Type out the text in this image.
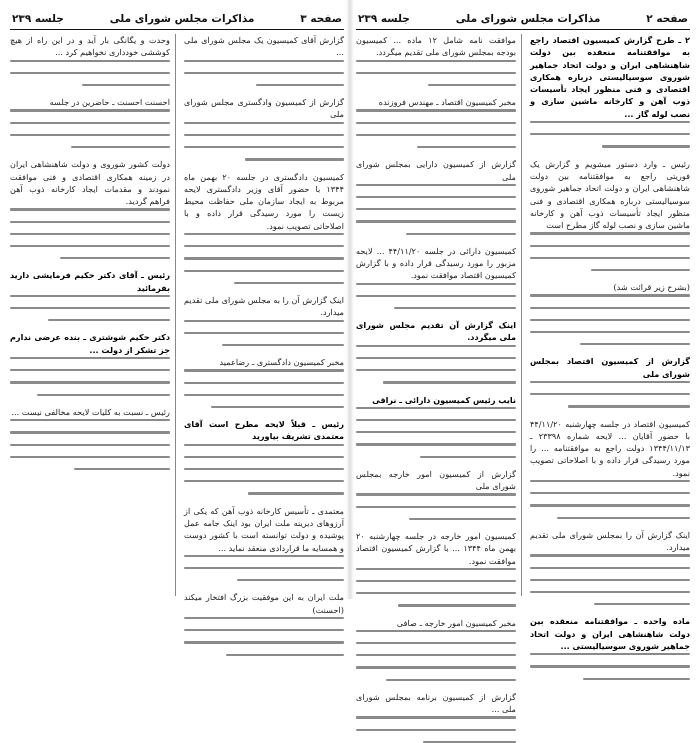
صفحه ۳
مذاکرات مجلس شورای ملی
جلسه ۲۳۹

گزارش آقای کمیسیون یک مجلس شورای ملی ...

گزارش از کمیسیون وادگستری مجلس شورای ملی

کمیسیون دادگستری در جلسه ۲۰ بهمن ماه ۱۳۴۴ با حضور آقای وزیر دادگستری لایحه مربوط به ایجاد سازمان ملی حفاظت محیط زیست را مورد رسیدگی قرار داده و با اصلاحاتی تصویب نمود.

اینک گزارش آن را به مجلس شورای ملی تقدیم میدارد.

مخبر کمیسیون دادگستری ـ رضاعمید

رئیس ـ قبلاً لایحه مطرح است آقای معتمدی تشریف بیاورید

معتمدی ـ تأسیس کارخانه ذوب آهن که یکی از آرزوهای دیرینه ملت ایران بود اینک جامه عمل پوشیده و دولت توانسته است با کشور دوست و همسایه ما قراردادی منعقد نماید ...

ملت ایران به این موفقیت بزرگ افتخار میکند (احسنت)

وحدت و یگانگی بار آید و در این راه از هیچ کوششی خودداری نخواهیم کرد ...

احسنت احسنت ـ حاضرین در جلسه

دولت کشور شوروی و دولت شاهنشاهی ایران در زمینه همکاری اقتصادی و فنی موافقت نمودند و مقدمات ایجاد کارخانه ذوب آهن فراهم گردید.

رئیس ـ آقای دکتر حکیم فرمایشی دارید بفرمائید

دکتر حکیم شوشتری ـ بنده عرضی ندارم جز تشکر از دولت ...

رئیس ـ نسبت به کلیات لایحه مخالفی نیست ...

صفحه ۲
مذاکرات مجلس شورای ملی
جلسه ۲۳۹

۲ ـ طرح گزارش کمیسیون اقتصاد راجع به موافقتنامه منعقده بین دولت شاهنشاهی ایران و دولت اتحاد جماهیر شوروی سوسیالیستی درباره همکاری اقتصادی و فنی منظور ایجاد تأسیسات ذوب آهن و کارخانه ماشین سازی و نصب لوله گاز ...

رئیس ـ وارد دستور میشویم و گزارش یک فوریتی راجع به موافقتنامه بین دولت شاهنشاهی ایران و دولت اتحاد جماهیر شوروی سوسیالیستی درباره همکاری اقتصادی و فنی منظور ایجاد تأسیسات ذوب آهن و کارخانه ماشین سازی و نصب لوله گاز مطرح است

(بشرح زیر قرائت شد)

گزارش از کمیسیون اقتصاد بمجلس شورای ملی

کمیسیون اقتصاد در جلسه چهارشنبه ۴۴/۱۱/۲۰ با حضور آقایان ... لایحه شماره ۲۳۳۹۸ ـ ۱۳۴۴/۱۱/۱۳ دولت راجع به موافقتنامه ... را مورد رسیدگی قرار داده و با اصلاحاتی تصویب نمود.

اینک گزارش آن را بمجلس شورای ملی تقدیم میدارد.

ماده واحده ـ موافقتنامه منعقده بین دولت شاهنشاهی ایران و دولت اتحاد جماهیر شوروی سوسیالیستی ...

موافقت نامه شامل ۱۲ ماده ... کمیسیون بودجه بمجلس شورای ملی تقدیم میگردد.

مخبر کمیسیون اقتصاد ـ مهندس فروزنده

گزارش از کمیسیون دارایی بمجلس شورای ملی

کمیسیون دارائی در جلسه ۴۴/۱۱/۲۰ ... لایحه مزبور را مورد رسیدگی قرار داده و با گزارش کمیسیون اقتصاد موافقت نمود.

اینک گزارش آن تقدیم مجلس شورای ملی میگردد.

نایب رئیس کمیسیون دارائی ـ نراقی

گزارش از کمیسیون امور خارجه بمجلس شورای ملی

کمیسیون امور خارجه در جلسه چهارشنبه ۲۰ بهمن ماه ۱۳۴۴ ... با گزارش کمیسیون اقتصاد موافقت نمود.

مخبر کمیسیون امور خارجه ـ صافی

گزارش از کمیسیون برنامه بمجلس شورای ملی ...
